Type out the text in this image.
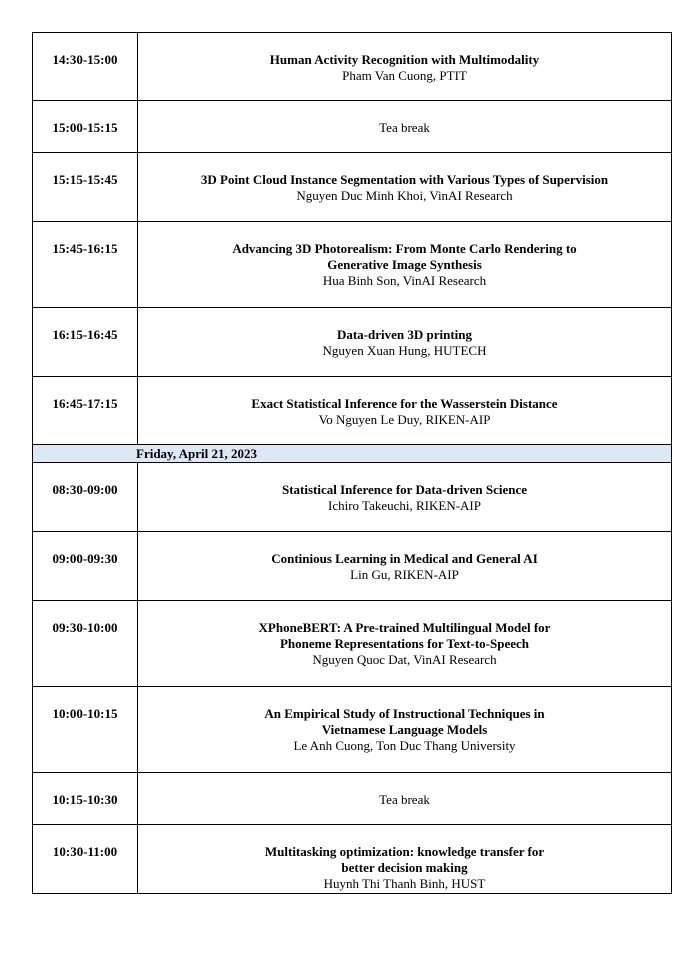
14:30-15:00	Human Activity Recognition with Multimodality
Pham Van Cuong, PTIT
15:00-15:15	Tea break
15:15-15:45	3D Point Cloud Instance Segmentation with Various Types of Supervision
Nguyen Duc Minh Khoi, VinAI Research
15:45-16:15	Advancing 3D Photorealism: From Monte Carlo Rendering to
Generative Image Synthesis
Hua Binh Son, VinAI Research
16:15-16:45	Data-driven 3D printing
Nguyen Xuan Hung, HUTECH
16:45-17:15	Exact Statistical Inference for the Wasserstein Distance
Vo Nguyen Le Duy, RIKEN-AIP
Friday, April 21, 2023
08:30-09:00	Statistical Inference for Data-driven Science
Ichiro Takeuchi, RIKEN-AIP
09:00-09:30	Continious Learning in Medical and General AI
Lin Gu, RIKEN-AIP
09:30-10:00	XPhoneBERT: A Pre-trained Multilingual Model for
Phoneme Representations for Text-to-Speech
Nguyen Quoc Dat, VinAI Research
10:00-10:15	An Empirical Study of Instructional Techniques in
Vietnamese Language Models
Le Anh Cuong, Ton Duc Thang University
10:15-10:30	Tea break
10:30-11:00	Multitasking optimization: knowledge transfer for
better decision making
Huynh Thi Thanh Binh, HUST
